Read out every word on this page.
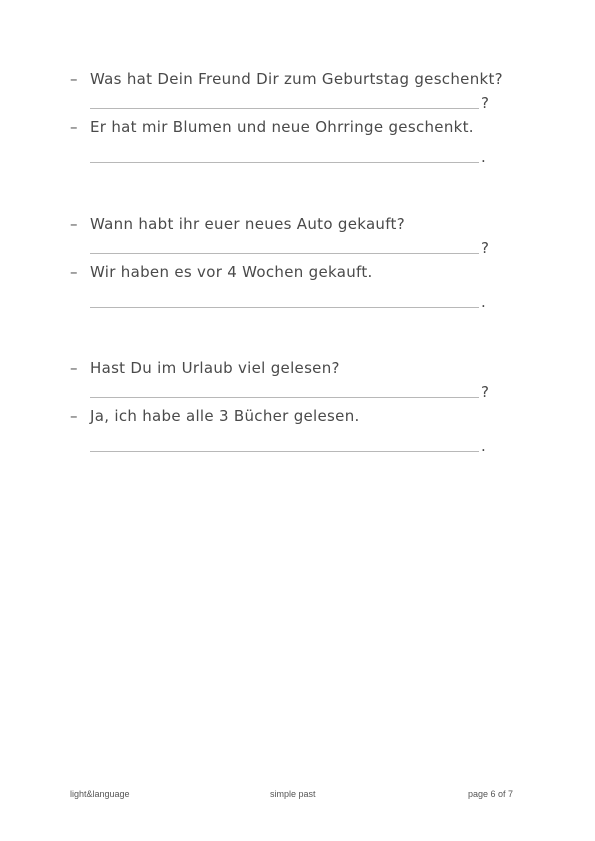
– Was hat Dein Freund Dir zum Geburtstag geschenkt?
?
– Er hat mir Blumen und neue Ohrringe geschenkt.
.
– Wann habt ihr euer neues Auto gekauft?
?
– Wir haben es vor 4 Wochen gekauft.
.
– Hast Du im Urlaub viel gelesen?
?
– Ja, ich habe alle 3 Bücher gelesen.
.
light&language	simple past	page 6 of 7
